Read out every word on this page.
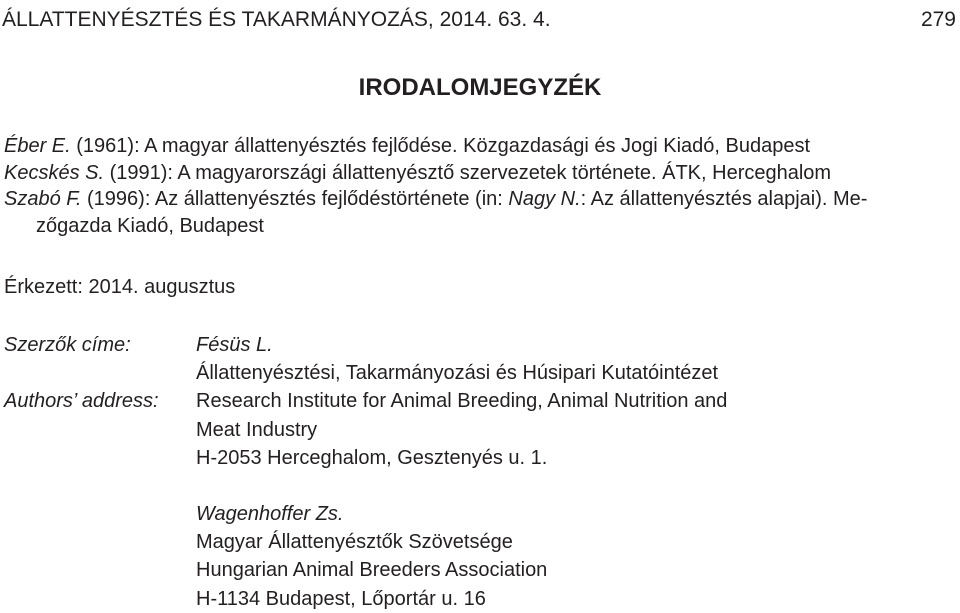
ÁLLATTENYÉSZTÉS ÉS TAKARMÁNYOZÁS, 2014. 63. 4.	279
IRODALOMJEGYZÉK

Éber E. (1961): A magyar állattenyésztés fejlődése. Közgazdasági és Jogi Kiadó, Budapest

Kecskés S. (1991): A magyarországi állattenyésztő szervezetek története. ÁTK, Herceghalom

Szabó F. (1996): Az állattenyésztés fejlődéstörténete (in: Nagy N.: Az állattenyésztés alapjai). Me-
zőgazda Kiadó, Budapest

Érkezett: 2014. augusztus
Szerzők címe:
Authors’ address:
Fésüs L.
Állattenyésztési, Takarmányozási és Húsipari Kutatóintézet
Research Institute for Animal Breeding, Animal Nutrition and
Meat Industry
H-2053 Herceghalom, Gesztenyés u. 1.
Wagenhoffer Zs.
Magyar Állattenyésztők Szövetsége
Hungarian Animal Breeders Association
H-1134 Budapest, Lőportár u. 16
